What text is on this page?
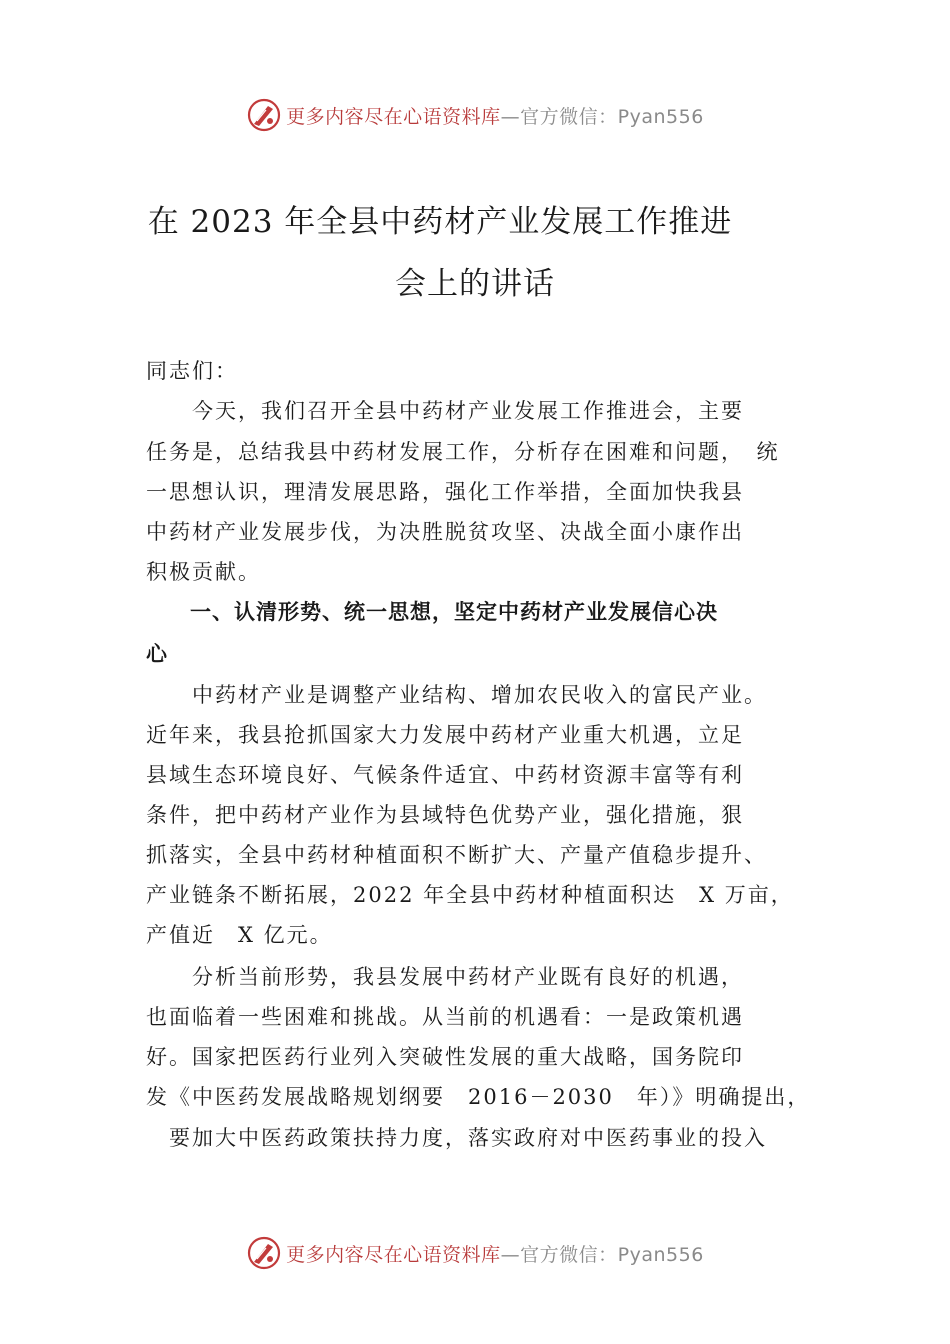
更多内容尽在心语资料库—官方微信：Pyan556
在 2023 年全县中药材产业发展工作推进
会上的讲话
同志们：
　　今天，我们召开全县中药材产业发展工作推进会，主要
任务是，总结我县中药材发展工作，分析存在困难和问题，　统
一思想认识，理清发展思路，强化工作举措，全面加快我县
中药材产业发展步伐，为决胜脱贫攻坚、决战全面小康作出
积极贡献。
　　一、认清形势、统一思想，坚定中药材产业发展信心决
心
　　中药材产业是调整产业结构、增加农民收入的富民产业。
近年来，我县抢抓国家大力发展中药材产业重大机遇，立足
县域生态环境良好、气候条件适宜、中药材资源丰富等有利
条件，把中药材产业作为县域特色优势产业，强化措施，狠
抓落实，全县中药材种植面积不断扩大、产量产值稳步提升、
产业链条不断拓展，2022 年全县中药材种植面积达　X 万亩，
产值近　X 亿元。
　　分析当前形势，我县发展中药材产业既有良好的机遇，
也面临着一些困难和挑战。从当前的机遇看：一是政策机遇
好。国家把医药行业列入突破性发展的重大战略，国务院印
发《中医药发展战略规划纲要　2016－2030　年）》明确提出，
　要加大中医药政策扶持力度，落实政府对中医药事业的投入
更多内容尽在心语资料库—官方微信：Pyan556
